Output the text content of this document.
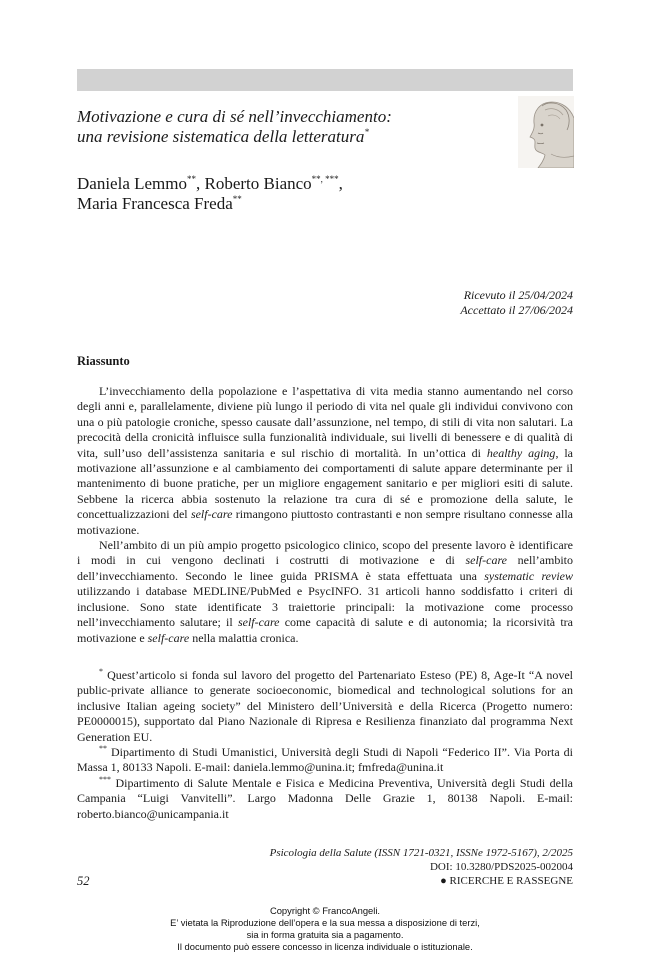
Motivazione e cura di sé nell’invecchiamento:
una revisione sistematica della letteratura*
Daniela Lemmo**, Roberto Bianco**, ***,
Maria Francesca Freda**
Ricevuto il 25/04/2024
Accettato il 27/06/2024
Riassunto

L’invecchiamento della popolazione e l’aspettativa di vita media stanno aumentando nel corso degli anni e, parallelamente, diviene più lungo il periodo di vita nel quale gli individui convivono con una o più patologie croniche, spesso causate dall’assunzione, nel tempo, di stili di vita non salutari. La precocità della cronicità influisce sulla funzionalità individuale, sui livelli di benessere e di qualità di vita, sull’uso dell’assistenza sanitaria e sul rischio di mortalità. In un’ottica di healthy aging, la motivazione all’assunzione e al cambiamento dei comportamenti di salute appare determinante per il mantenimento di buone pratiche, per un migliore engagement sanitario e per migliori esiti di salute. Sebbene la ricerca abbia sostenuto la relazione tra cura di sé e promozione della salute, le concettualizzazioni del self-care rimangono piuttosto contrastanti e non sempre risultano connesse alla motivazione.

Nell’ambito di un più ampio progetto psicologico clinico, scopo del presente lavoro è identificare i modi in cui vengono declinati i costrutti di motivazione e di self-care nell’ambito dell’invecchiamento. Secondo le linee guida PRISMA è stata effettuata una systematic review utilizzando i database MEDLINE/PubMed e PsycINFO. 31 articoli hanno soddisfatto i criteri di inclusione. Sono state identificate 3 traiettorie principali: la motivazione come processo nell’invecchiamento salutare; il self-care come capacità di salute e di autonomia; la ricorsività tra motivazione e self-care nella malattia cronica.

* Quest’articolo si fonda sul lavoro del progetto del Partenariato Esteso (PE) 8, Age-It “A novel public-private alliance to generate socioeconomic, biomedical and technological solutions for an inclusive Italian ageing society” del Ministero dell’Università e della Ricerca (Progetto numero: PE0000015), supportato dal Piano Nazionale di Ripresa e Resilienza finanziato dal programma Next Generation EU.

** Dipartimento di Studi Umanistici, Università degli Studi di Napoli “Federico II”. Via Porta di Massa 1, 80133 Napoli. E-mail: daniela.lemmo@unina.it; fmfreda@unina.it

*** Dipartimento di Salute Mentale e Fisica e Medicina Preventiva, Università degli Studi della Campania “Luigi Vanvitelli”. Largo Madonna Delle Grazie 1, 80138 Napoli. E-mail: roberto.bianco@unicampania.it

Psicologia della Salute (ISSN 1721-0321, ISSNe 1972-5167), 2/2025
DOI: 10.3280/PDS2025-002004
52	● RICERCHE E RASSEGNE
Copyright © FrancoAngeli.
E’ vietata la Riproduzione dell’opera e la sua messa a disposizione di terzi,
sia in forma gratuita sia a pagamento.
Il documento può essere concesso in licenza individuale o istituzionale.
